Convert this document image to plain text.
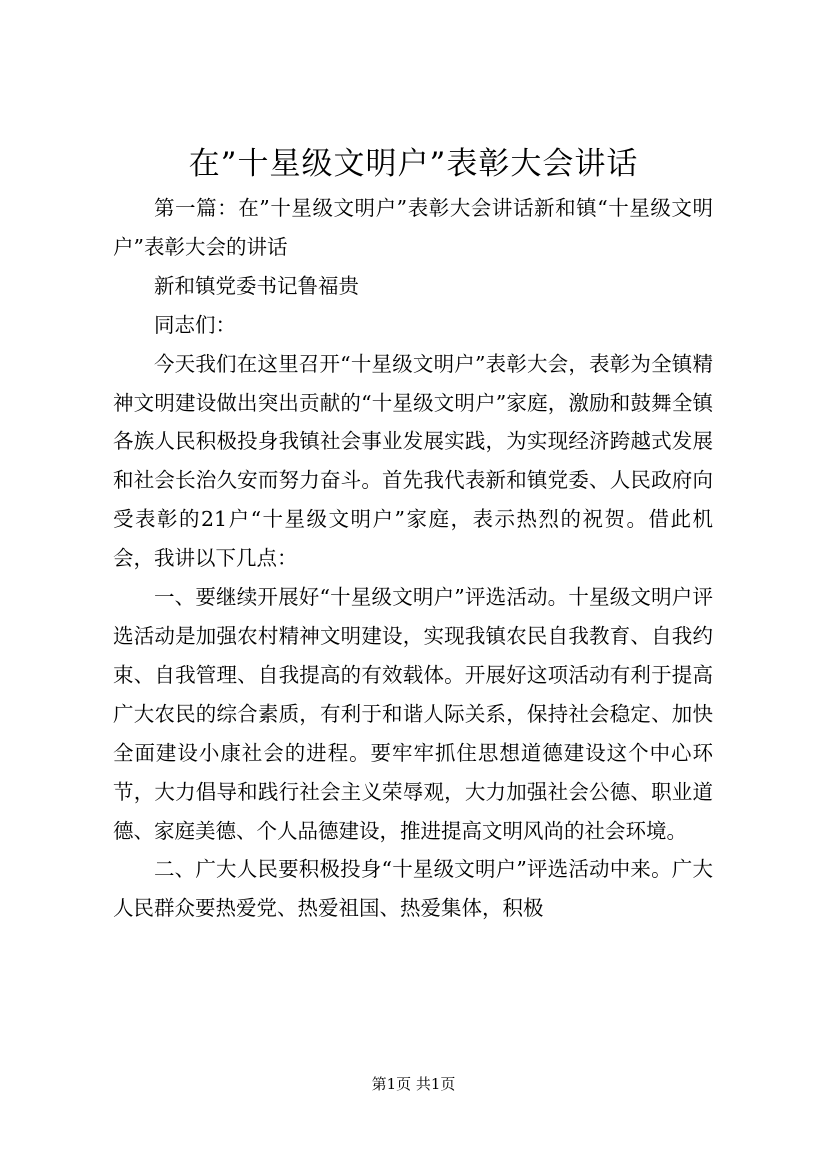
在”十星级文明户”表彰大会讲话

第一篇：在”十星级文明户”表彰大会讲话新和镇“十星级文明户”表彰大会的讲话

新和镇党委书记鲁福贵

同志们：

今天我们在这里召开“十星级文明户”表彰大会，表彰为全镇精神文明建设做出突出贡献的“十星级文明户”家庭，激励和鼓舞全镇各族人民积极投身我镇社会事业发展实践，为实现经济跨越式发展和社会长治久安而努力奋斗。首先我代表新和镇党委、人民政府向受表彰的21户“十星级文明户”家庭，表示热烈的祝贺。借此机会，我讲以下几点：

一、要继续开展好“十星级文明户”评选活动。十星级文明户评选活动是加强农村精神文明建设，实现我镇农民自我教育、自我约束、自我管理、自我提高的有效载体。开展好这项活动有利于提高广大农民的综合素质，有利于和谐人际关系，保持社会稳定、加快全面建设小康社会的进程。要牢牢抓住思想道德建设这个中心环节，大力倡导和践行社会主义荣辱观，大力加强社会公德、职业道德、家庭美德、个人品德建设，推进提高文明风尚的社会环境。

二、广大人民要积极投身“十星级文明户”评选活动中来。广大人民群众要热爱党、热爱祖国、热爱集体，积极

第1页 共1页
